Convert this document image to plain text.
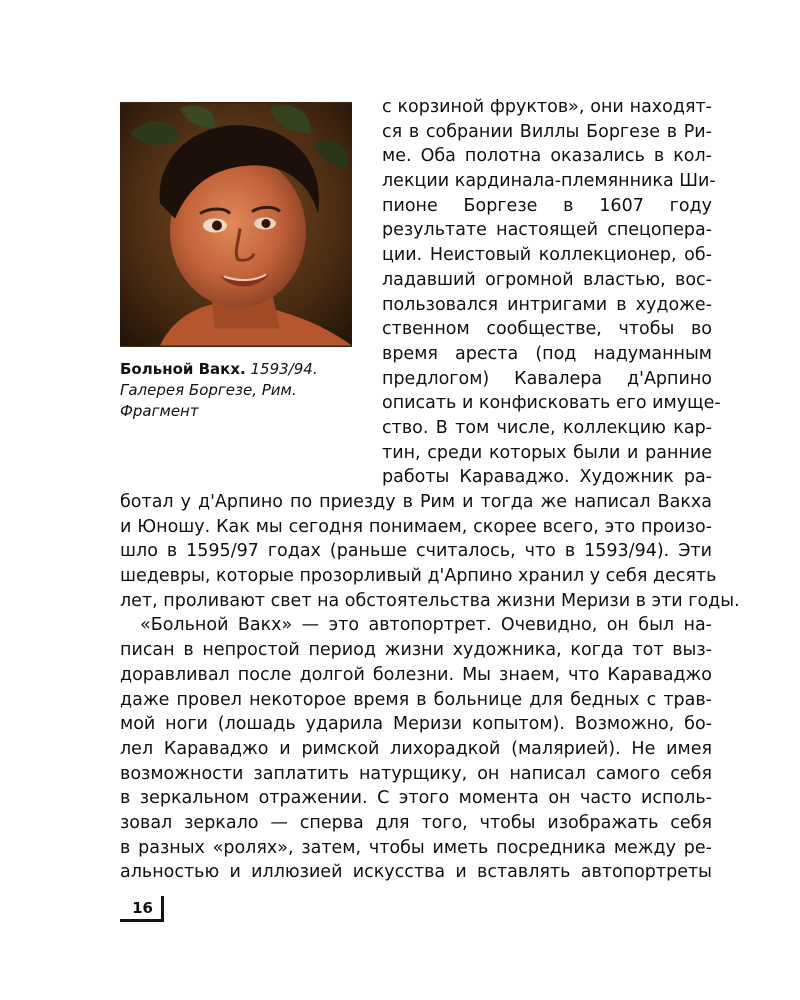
Больной Вакх. 1593/94.
Галерея Боргезе, Рим.
Фрагмент
с корзиной фруктов», они находят-
ся в собрании Виллы Боргезе в Ри-
ме. Оба полотна оказались в кол-
лекции кардинала-племянника Ши-
пионе Боргезе в 1607 году
результате настоящей спецопера-
ции. Неистовый коллекционер, об-
ладавший огромной властью, вос-
пользовался интригами в художе-
ственном сообществе, чтобы во
время ареста (под надуманным
предлогом) Кавалера д'Арпино
описать и конфисковать его имуще-
ство. В том числе, коллекцию кар-
тин, среди которых были и ранние
работы Караваджо. Художник ра-
ботал у д'Арпино по приезду в Рим и тогда же написал Вакха
и Юношу. Как мы сегодня понимаем, скорее всего, это произо-
шло в 1595/97 годах (раньше считалось, что в 1593/94). Эти
шедевры, которые прозорливый д'Арпино хранил у себя десять
лет, проливают свет на обстоятельства жизни Меризи в эти годы.
«Больной Вакх» — это автопортрет. Очевидно, он был на-
писан в непростой период жизни художника, когда тот выз-
доравливал после долгой болезни. Мы знаем, что Караваджо
даже провел некоторое время в больнице для бедных с трав-
мой ноги (лошадь ударила Меризи копытом). Возможно, бо-
лел Караваджо и римской лихорадкой (малярией). Не имея
возможности заплатить натурщику, он написал самого себя
в зеркальном отражении. С этого момента он часто исполь-
зовал зеркало — сперва для того, чтобы изображать себя
в разных «ролях», затем, чтобы иметь посредника между ре-
альностью и иллюзией искусства и вставлять автопортреты
16
